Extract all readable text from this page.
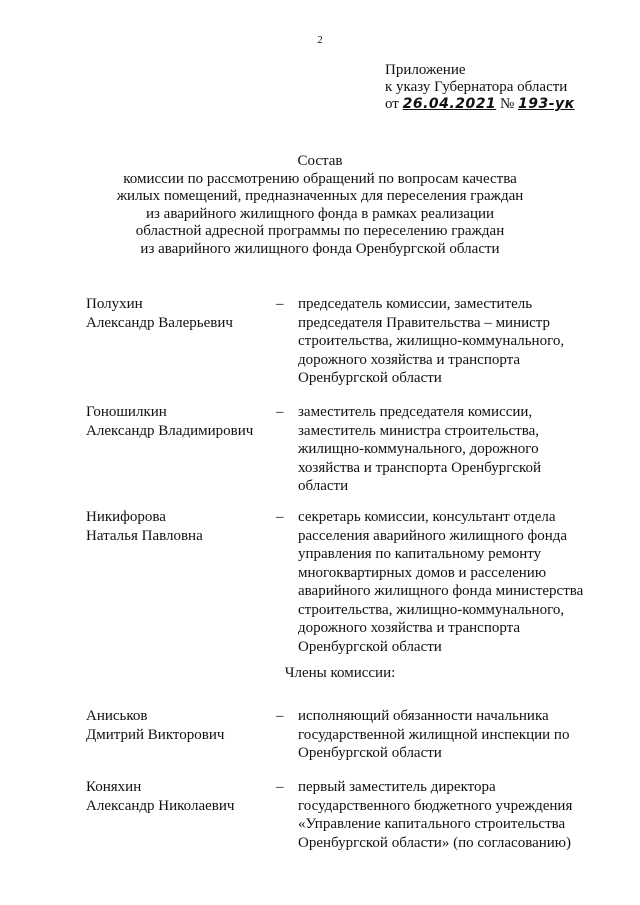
2
Приложение
к указу Губернатора области
от 26.04.2021 № 193-ук
Состав
комиссии по рассмотрению обращений по вопросам качества
жилых помещений, предназначенных для переселения граждан
из аварийного жилищного фонда в рамках реализации
областной адресной программы по переселению граждан
из аварийного жилищного фонда Оренбургской области
Полухин
Александр Валерьевич
– председатель комиссии, заместитель
председателя Правительства – министр
строительства, жилищно-коммунального,
дорожного хозяйства и транспорта
Оренбургской области
Гоношилкин
Александр Владимирович
– заместитель председателя комиссии,
заместитель министра строительства,
жилищно-коммунального, дорожного
хозяйства и транспорта Оренбургской
области
Никифорова
Наталья Павловна
– секретарь комиссии, консультант отдела
расселения аварийного жилищного фонда
управления по капитальному ремонту
многоквартирных домов и расселению
аварийного жилищного фонда министерства
строительства, жилищно-коммунального,
дорожного хозяйства и транспорта
Оренбургской области
Члены комиссии:
Аниськов
Дмитрий Викторович
– исполняющий обязанности начальника
государственной жилищной инспекции по
Оренбургской области
Коняхин
Александр Николаевич
– первый заместитель директора
государственного бюджетного учреждения
«Управление капитального строительства
Оренбургской области» (по согласованию)
